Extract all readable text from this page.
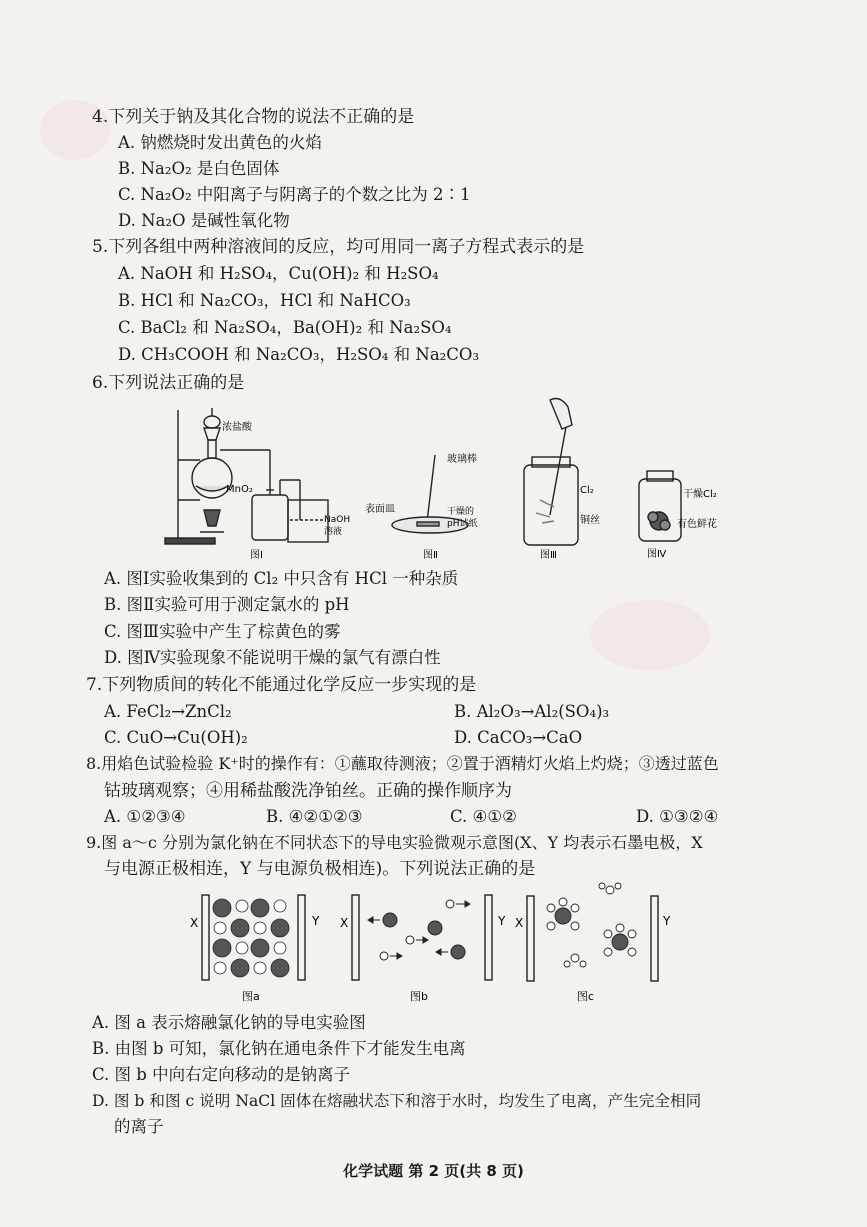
4.下列关于钠及其化合物的说法不正确的是
A. 钠燃烧时发出黄色的火焰
B. Na₂O₂ 是白色固体
C. Na₂O₂ 中阳离子与阴离子的个数之比为 2∶1
D. Na₂O 是碱性氧化物
5.下列各组中两种溶液间的反应，均可用同一离子方程式表示的是
A. NaOH 和 H₂SO₄，Cu(OH)₂ 和 H₂SO₄
B. HCl 和 Na₂CO₃，HCl 和 NaHCO₃
C. BaCl₂ 和 Na₂SO₄，Ba(OH)₂ 和 Na₂SO₄
D. CH₃COOH 和 Na₂CO₃，H₂SO₄ 和 Na₂CO₃
6.下列说法正确的是
浓盐酸
MnO₂
NaOH
溶液
图Ⅰ
玻璃棒
表面皿	干燥的
pH试纸
图Ⅱ
Cl₂
铜丝
图Ⅲ
干燥Cl₂
有色鲜花
图Ⅳ
A. 图Ⅰ实验收集到的 Cl₂ 中只含有 HCl 一种杂质
B. 图Ⅱ实验可用于测定氯水的 pH
C. 图Ⅲ实验中产生了棕黄色的雾
D. 图Ⅳ实验现象不能说明干燥的氯气有漂白性
7.下列物质间的转化不能通过化学反应一步实现的是
A. FeCl₂→ZnCl₂	B. Al₂O₃→Al₂(SO₄)₃
C. CuO→Cu(OH)₂	D. CaCO₃→CaO
8.用焰色试验检验 K⁺时的操作有：①蘸取待测液；②置于酒精灯火焰上灼烧；③透过蓝色
钴玻璃观察；④用稀盐酸洗净铂丝。正确的操作顺序为
A. ①②③④	B. ④②①②③	C. ④①②	D. ①③②④
9.图 a～c 分别为氯化钠在不同状态下的导电实验微观示意图(X、Y 均表示石墨电极，X
与电源正极相连，Y 与电源负极相连)。下列说法正确的是
X	Y
图a
X	Y
图b
X	Y
图c
A. 图 a 表示熔融氯化钠的导电实验图
B. 由图 b 可知，氯化钠在通电条件下才能发生电离
C. 图 b 中向右定向移动的是钠离子
D. 图 b 和图 c 说明 NaCl 固体在熔融状态下和溶于水时，均发生了电离，产生完全相同
的离子
化学试题 第 2 页(共 8 页)
